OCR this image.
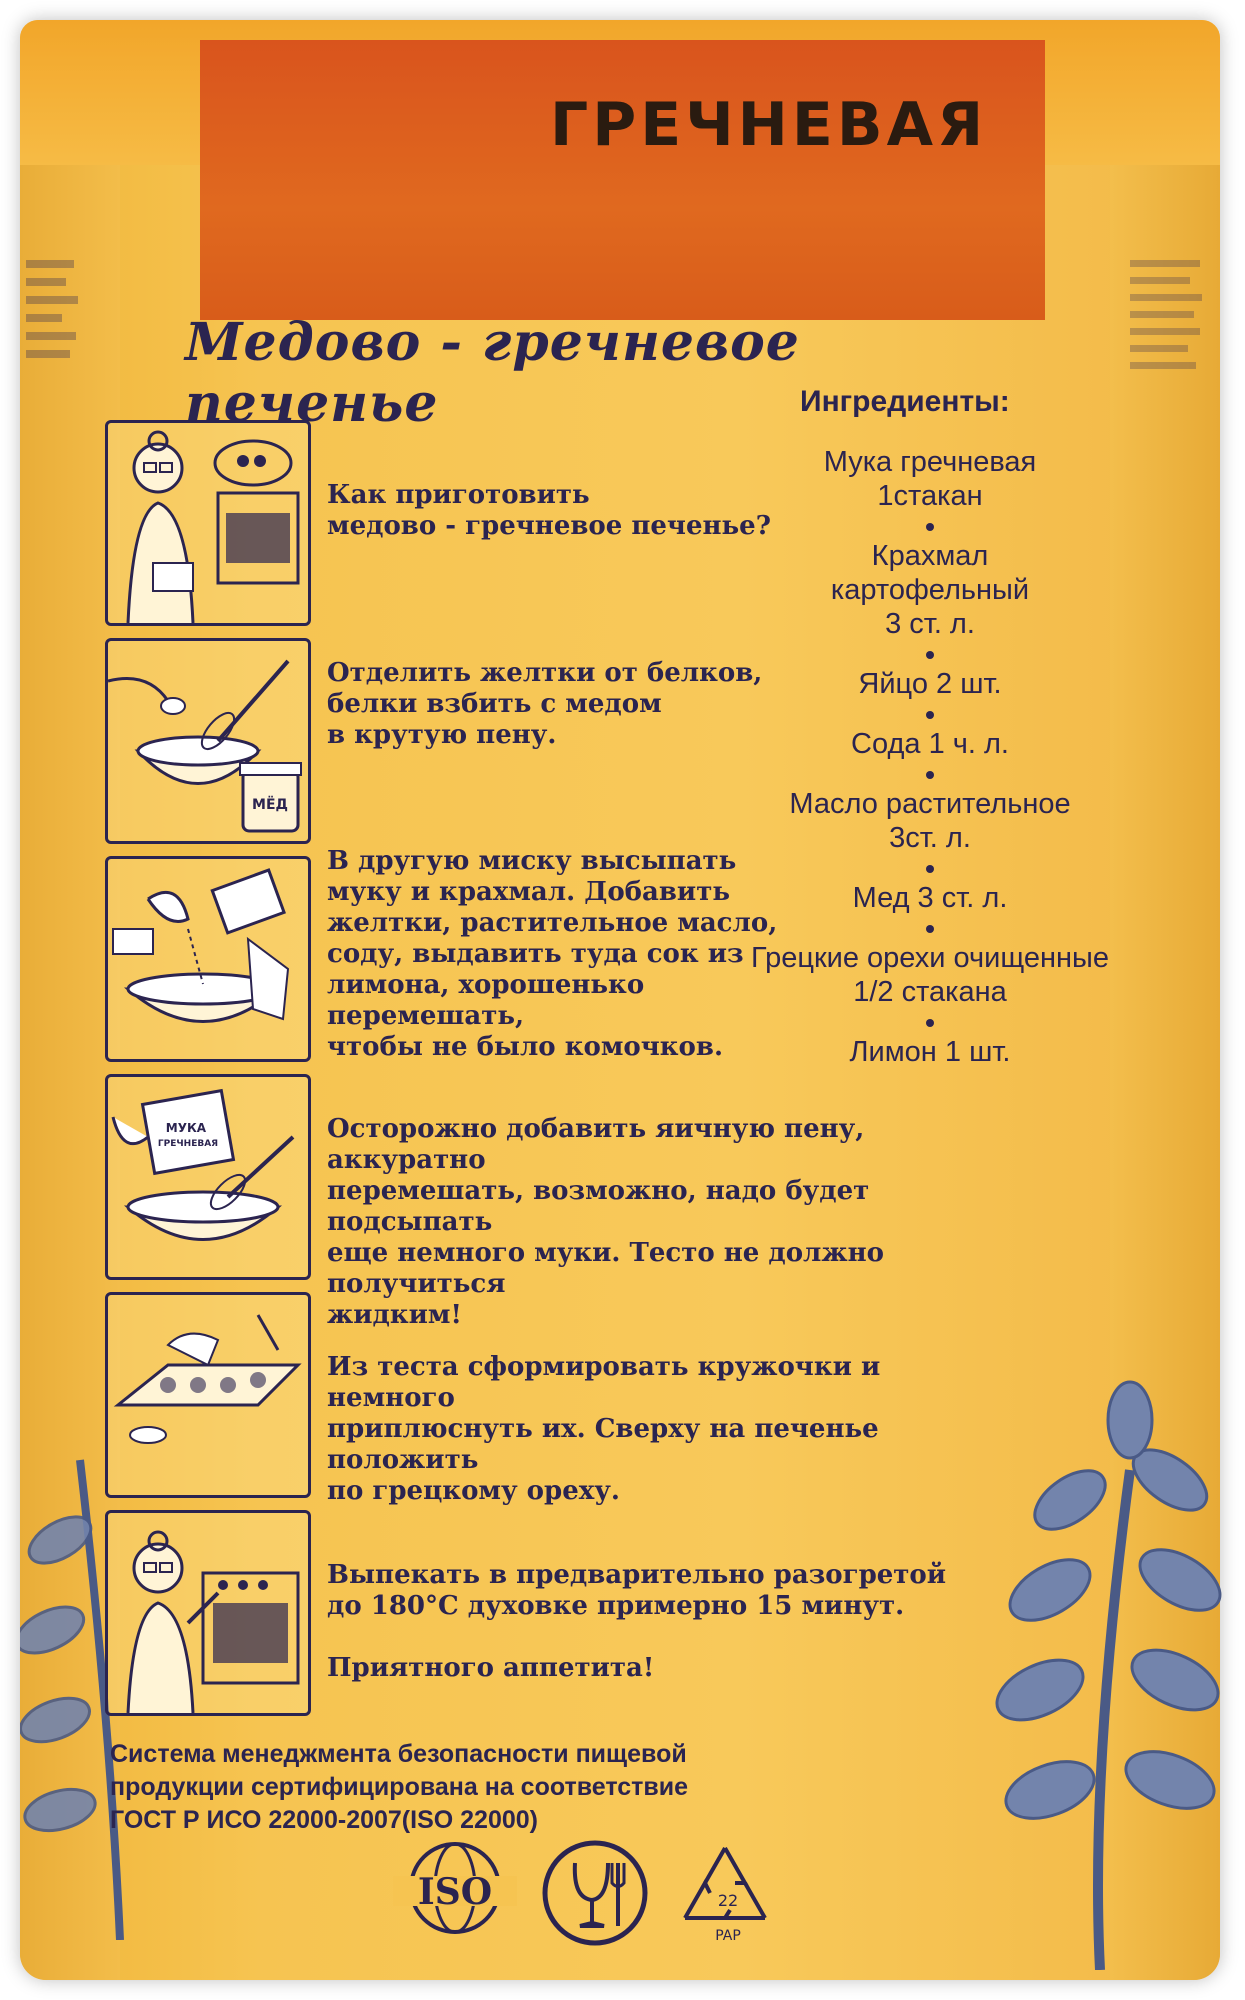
ГРЕЧНЕВАЯ
Медово - гречневое печенье	Ингредиенты:
Мука гречневая
1стакан
Крахмал
картофельный
3 ст. л.
Яйцо 2 шт.
Сода 1 ч. л.
Масло растительное
3ст. л.
Мед 3 ст. л.
Грецкие орехи очищенные
1/2 стакана
Лимон 1 шт.
Как приготовить
медово - гречневое печенье?
МЁД
Отделить желтки от белков,
белки взбить с медом
в крутую пену.
В другую миску высыпать
муку и крахмал. Добавить
желтки, растительное масло,
соду, выдавить туда сок из
лимона, хорошенько
перемешать,
чтобы не было комочков.
МУКА ГРЕЧНЕВАЯ	Осторожно добавить яичную пену, аккуратно
перемешать, возможно, надо будет подсыпать
еще немного муки. Тесто не должно получиться
жидким!
Из теста сформировать кружочки и немного
приплюснуть их. Сверху на печенье положить
по грецкому ореху.
Выпекать в предварительно разогретой
до 180°С духовке примерно 15 минут.

Приятного аппетита!
Система менеджмента безопасности пищевой
продукции сертифицирована на соответствие
ГОСТ Р ИСО 22000-2007(ISO 22000)
ISO	22
PAP
